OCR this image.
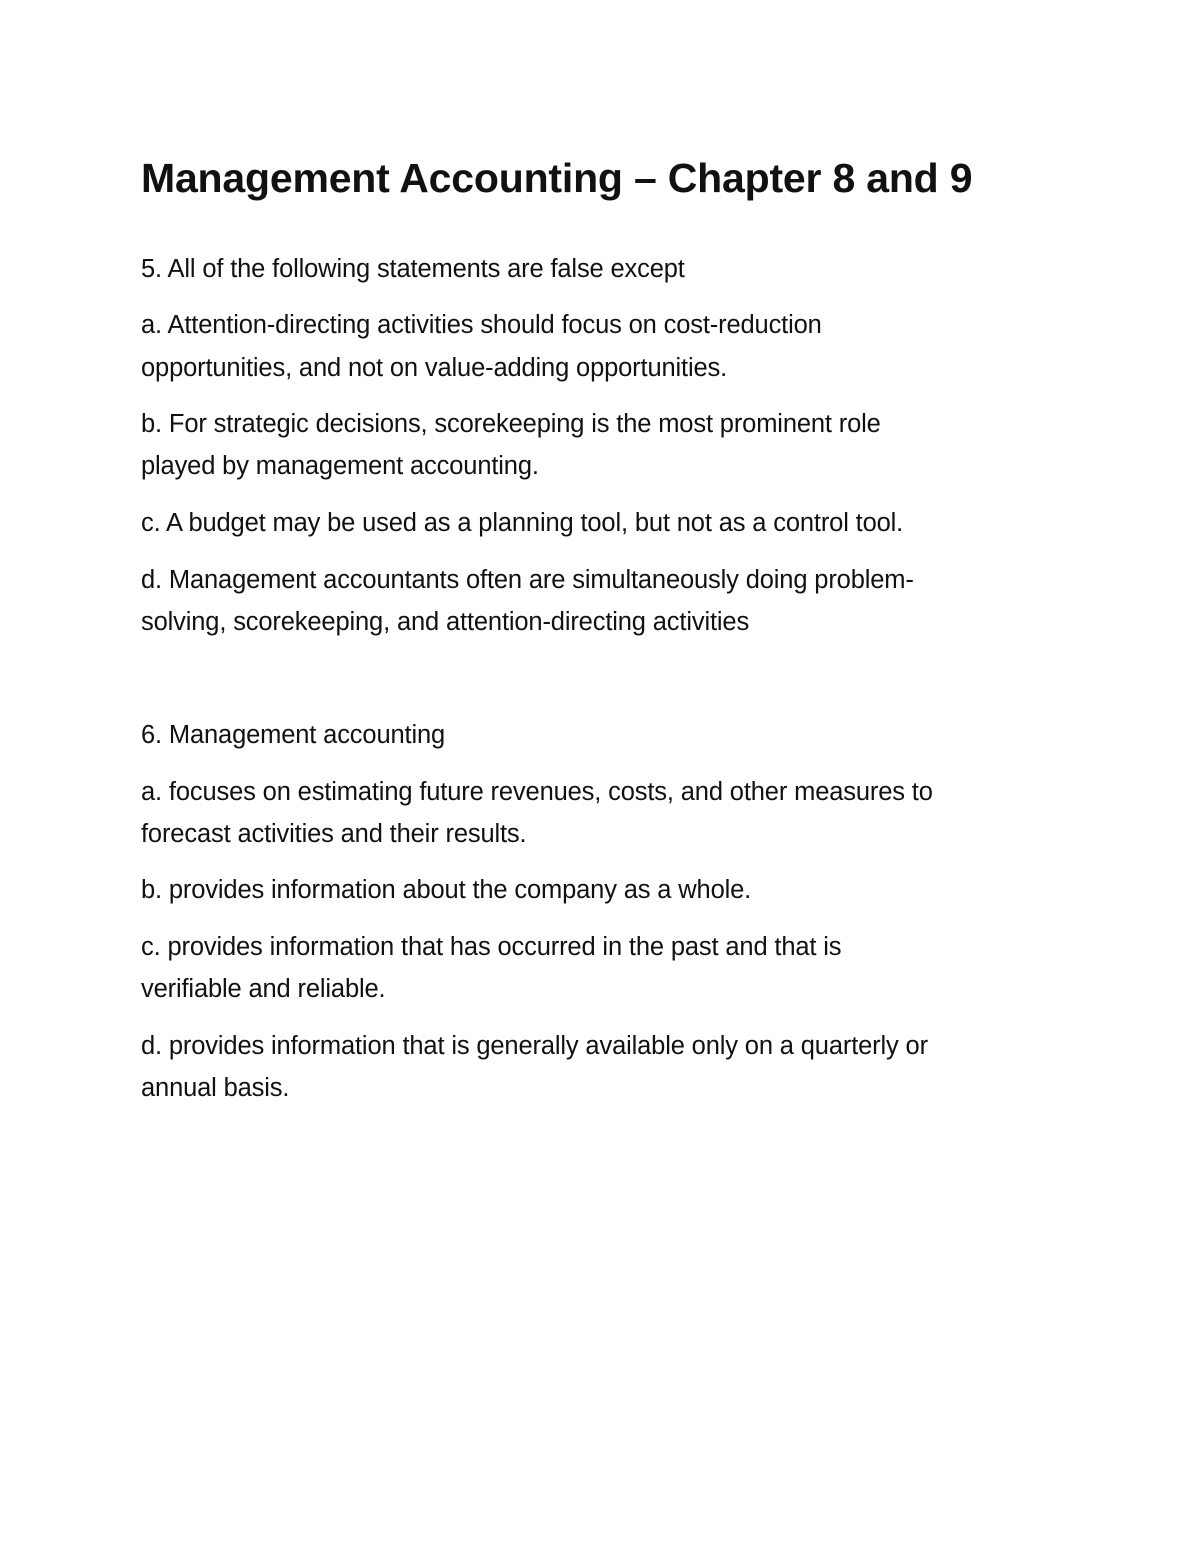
Management Accounting – Chapter 8 and 9

5. All of the following statements are false except

a. Attention-directing activities should focus on cost-reduction

opportunities, and not on value-adding opportunities.

b. For strategic decisions, scorekeeping is the most prominent role

played by management accounting.

c. A budget may be used as a planning tool, but not as a control tool.

d. Management accountants often are simultaneously doing problem-

solving, scorekeeping, and attention-directing activities

6. Management accounting

a. focuses on estimating future revenues, costs, and other measures to

forecast activities and their results.

b. provides information about the company as a whole.

c. provides information that has occurred in the past and that is

verifiable and reliable.

d. provides information that is generally available only on a quarterly or

annual basis.
